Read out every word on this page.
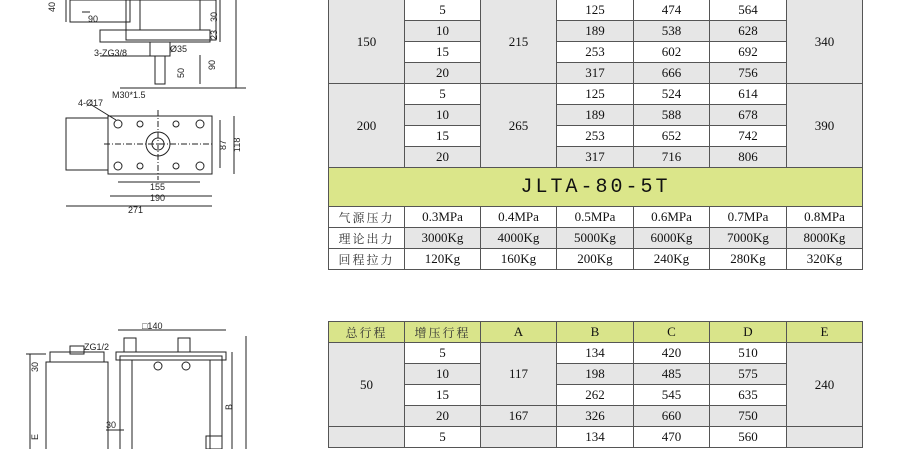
40
90
23
30
3-ZG3/8	Ø35
50
90
M30*1.5
4-Ø17
87 118
155
190
271
□140
ZG1/2
30
30
E
B
150	5	215	125	474	564	340
	10		189	538	628	
	15		253	602	692	
	20		317	666	756	
200	5	265	125	524	614	390
	10		189	588	678	
	15		253	652	742	
	20		317	716	806	
JLTA-80-5T						
气源压力	0.3MPa	0.4MPa	0.5MPa	0.6MPa	0.7MPa	0.8MPa
理论出力	3000Kg	4000Kg	5000Kg	6000Kg	7000Kg	8000Kg
回程拉力	120Kg	160Kg	200Kg	240Kg	280Kg	320Kg
总行程	增压行程	A	B	C	D	E
50	5	117	134	420	510	240
	10		198	485	575	
	15		262	545	635	
	20	167	326	660	750	
	5		134	470	560	
